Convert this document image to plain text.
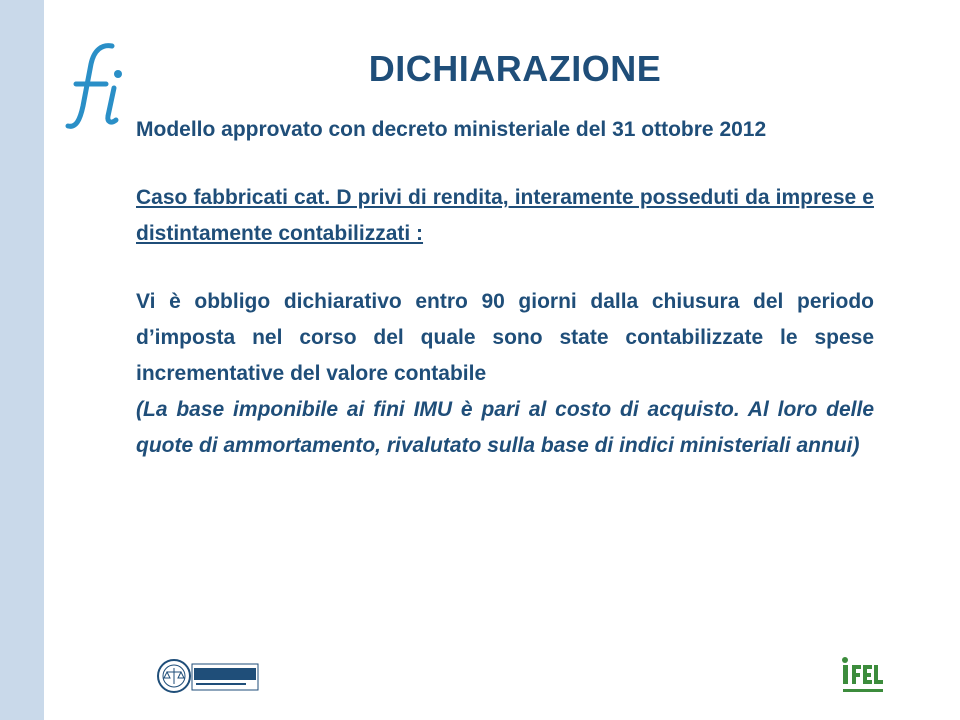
DICHIARAZIONE

Modello approvato con decreto ministeriale del 31 ottobre 2012

Caso fabbricati cat. D privi di rendita, interamente posseduti da imprese e distintamente contabilizzati :

Vi è obbligo dichiarativo entro 90 giorni dalla chiusura del periodo d’imposta nel corso del quale sono state contabilizzate le spese incrementative del valore contabile

(La base imponibile ai fini IMU è pari al costo di acquisto. Al loro delle quote di ammortamento, rivalutato sulla base di indici ministeriali annui)
